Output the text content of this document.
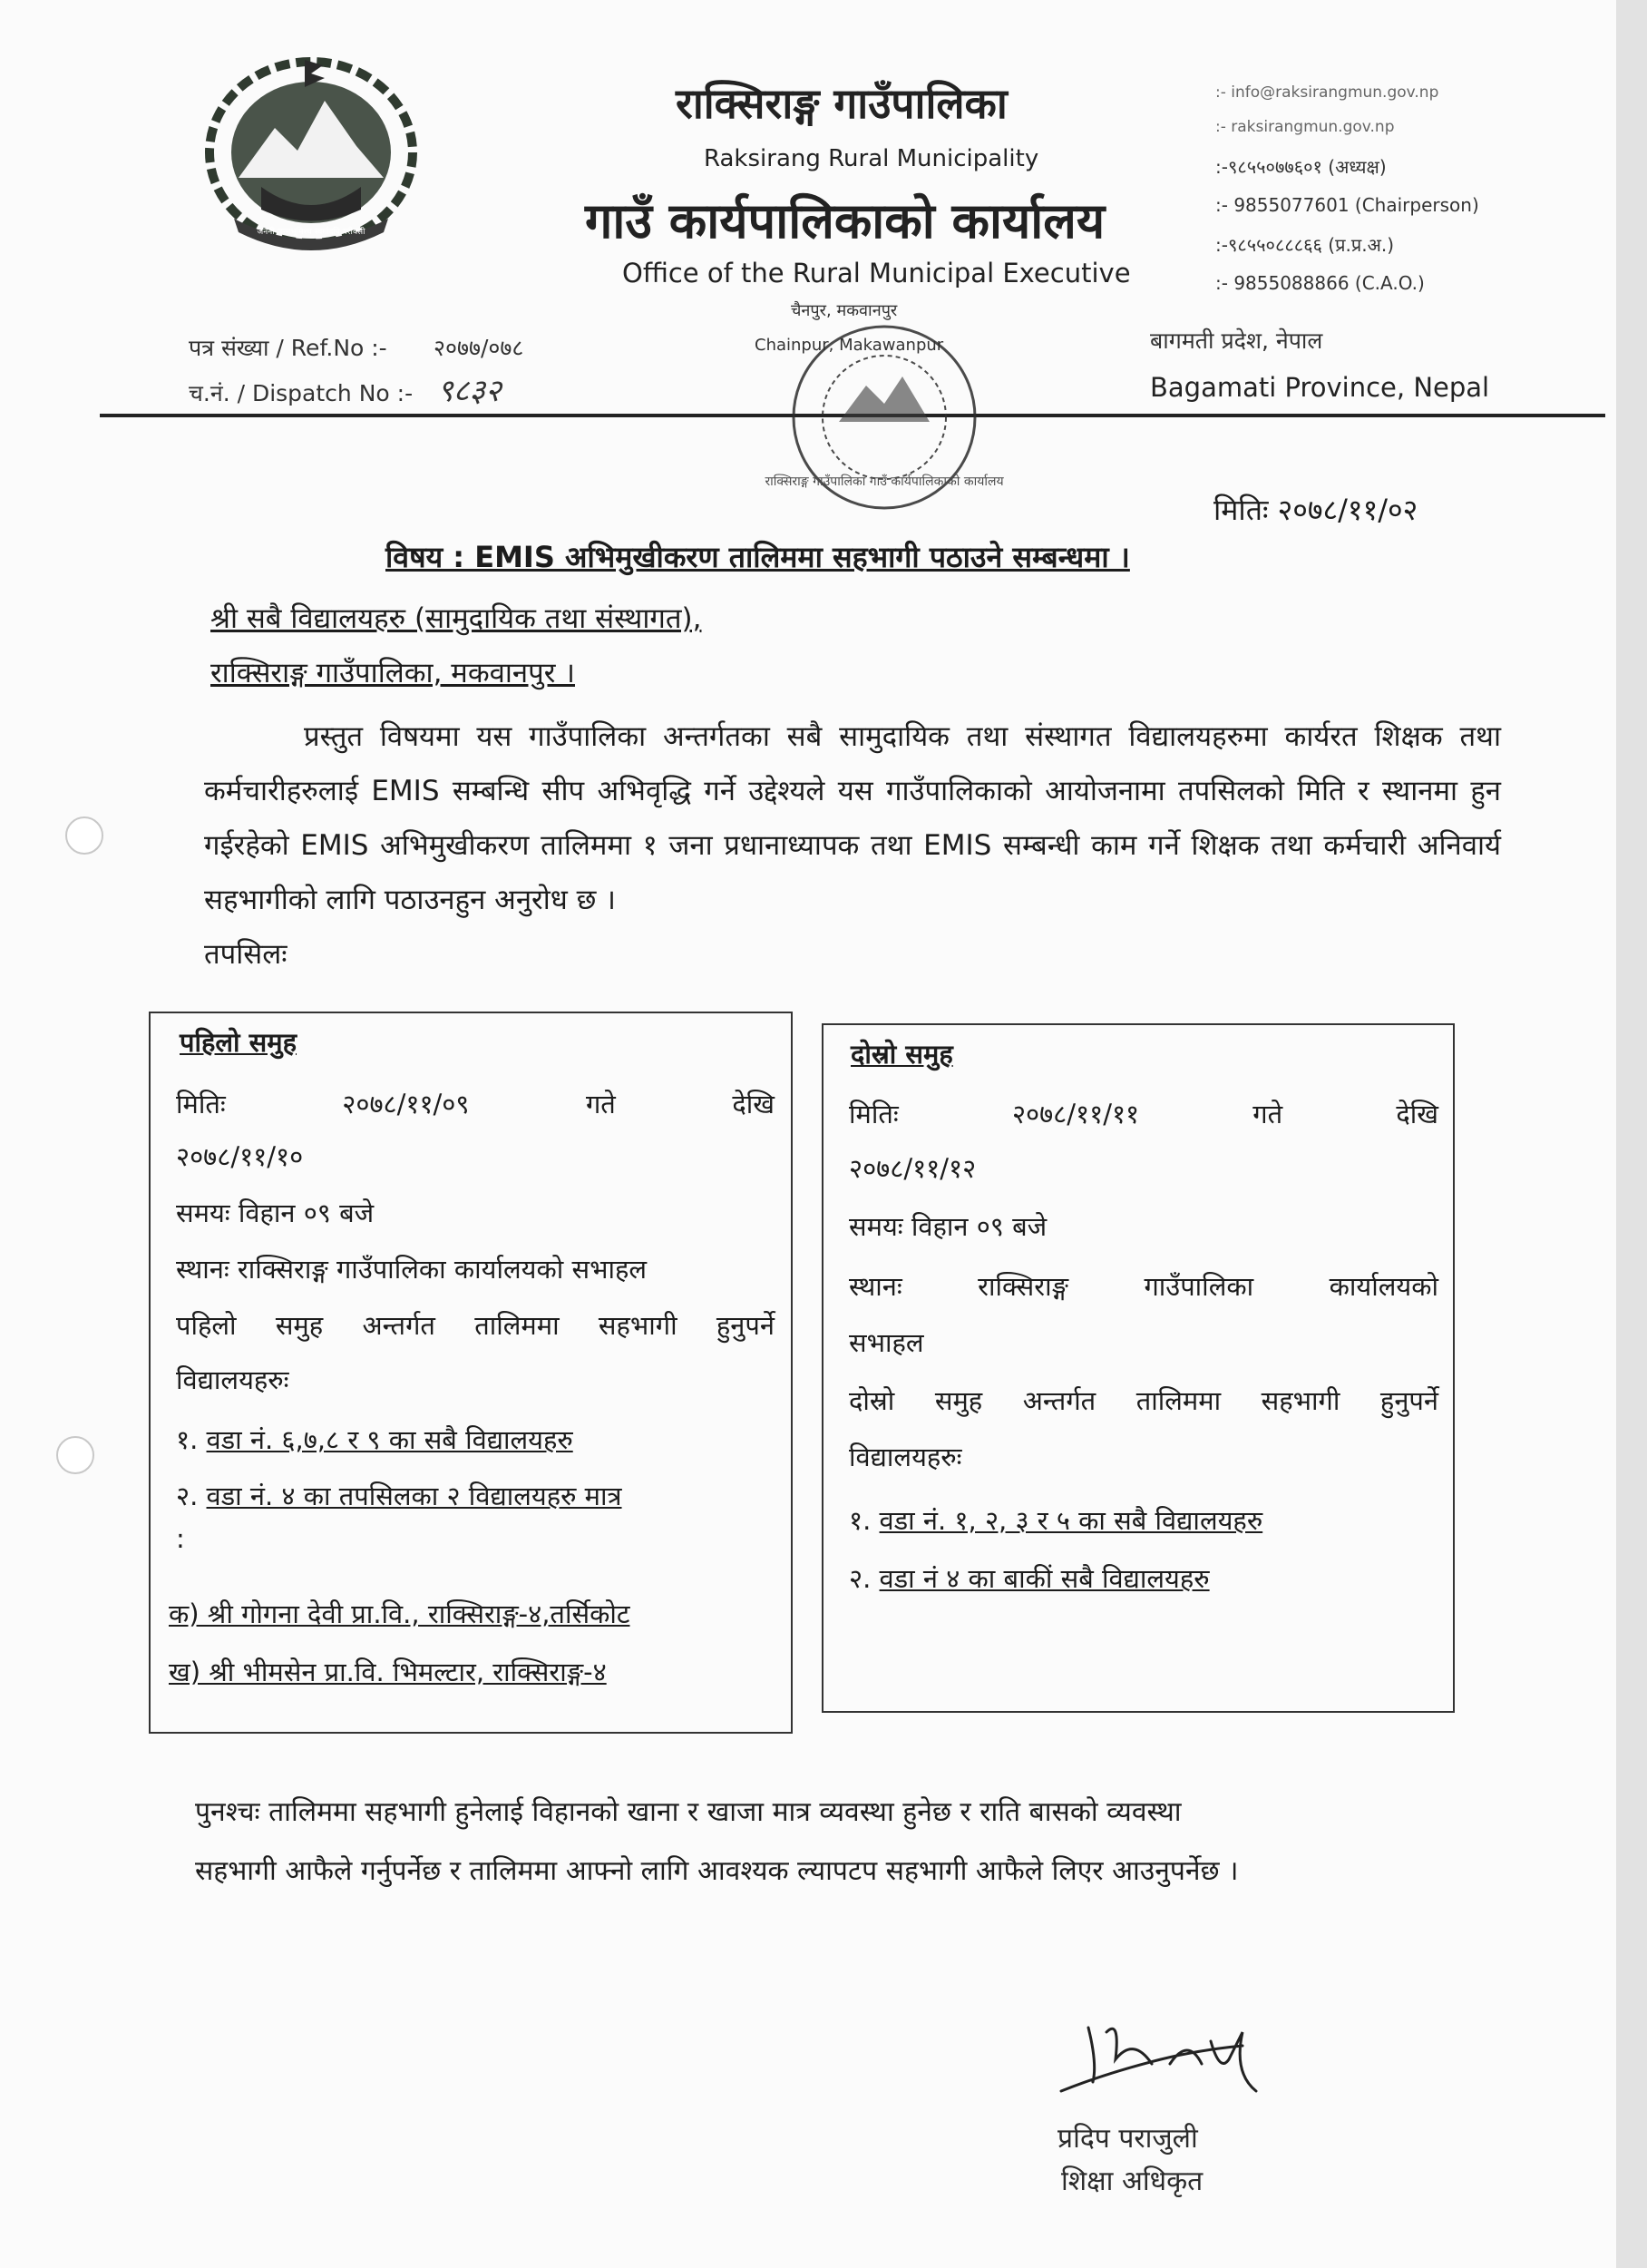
जननी जन्मभूमिश्च स्वर्गादपि गरीयसी
राक्सिराङ्ग गाउँपालिका
Raksirang Rural Municipality
गाउँ कार्यपालिकाको कार्यालय
Office of the Rural Municipal Executive
चैनपुर, मकवानपुर
Chainpur, Makawanpur
:- info@raksirangmun.gov.np
:- raksirangmun.gov.np
:-९८५५०७७६०१ (अध्यक्ष)
:- 9855077601 (Chairperson)
:-९८५५०८८८६६ (प्र.प्र.अ.)
:- 9855088866 (C.A.O.)
पत्र संख्या / Ref.No :- २०७७/०७८
च.नं. / Dispatch No :- ९८३२
बागमती प्रदेश, नेपाल
Bagamati Province, Nepal
राक्सिराङ्ग गाउँपालिका गाउँ कार्यपालिकाको कार्यालय
मितिः २०७८/११/०२
विषय : EMIS अभिमुखीकरण तालिममा सहभागी पठाउने सम्बन्धमा ।
श्री सबै विद्यालयहरु (सामुदायिक तथा संस्थागत),
राक्सिराङ्ग गाउँपालिका, मकवानपुर ।

प्रस्तुत विषयमा यस गाउँपालिका अन्तर्गतका सबै सामुदायिक तथा संस्थागत विद्यालयहरुमा कार्यरत शिक्षक तथा कर्मचारीहरुलाई EMIS सम्बन्धि सीप अभिवृद्धि गर्ने उद्देश्यले यस गाउँपालिकाको आयोजनामा तपसिलको मिति र स्थानमा हुन गईरहेको EMIS अभिमुखीकरण तालिममा १ जना प्रधानाध्यापक तथा EMIS सम्बन्धी काम गर्ने शिक्षक तथा कर्मचारी अनिवार्य सहभागीको लागि पठाउनहुन अनुरोध छ ।

तपसिलः
पहिलो समुह
मितिः	२०७८/११/०९	गते	देखि
२०७८/११/१०
समयः विहान ०९ बजे
स्थानः राक्सिराङ्ग गाउँपालिका कार्यालयको सभाहल
पहिलो समुह अन्तर्गत तालिममा सहभागी हुनुपर्ने
विद्यालयहरुः
१. वडा नं. ६,७,८ र ९ का सबै विद्यालयहरु
२. वडा नं. ४ का तपसिलका २ विद्यालयहरु मात्र
:
क) श्री गोगना देवी प्रा.वि., राक्सिराङ्ग-४,तर्सिकोट
ख) श्री भीमसेन प्रा.वि. भिमल्टार, राक्सिराङ्ग-४
दोस्रो समुह
मितिः	२०७८/११/११	गते	देखि
२०७८/११/१२
समयः विहान ०९ बजे
स्थानः	राक्सिराङ्ग	गाउँपालिका	कार्यालयको
सभाहल
दोस्रो समुह अन्तर्गत तालिममा सहभागी हुनुपर्ने
विद्यालयहरुः
१. वडा नं. १, २, ३ र ५ का सबै विद्यालयहरु
२. वडा नं ४ का बाकीं सबै विद्यालयहरु
पुनश्चः तालिममा सहभागी हुनेलाई विहानको खाना र खाजा मात्र व्यवस्था हुनेछ र राति बासको व्यवस्था
सहभागी आफैले गर्नुपर्नेछ र तालिममा आफ्नो लागि आवश्यक ल्यापटप सहभागी आफैले लिएर आउनुपर्नेछ ।
प्रदिप परा.
प्रदिप पराजुली
शिक्षा अधिकृत
